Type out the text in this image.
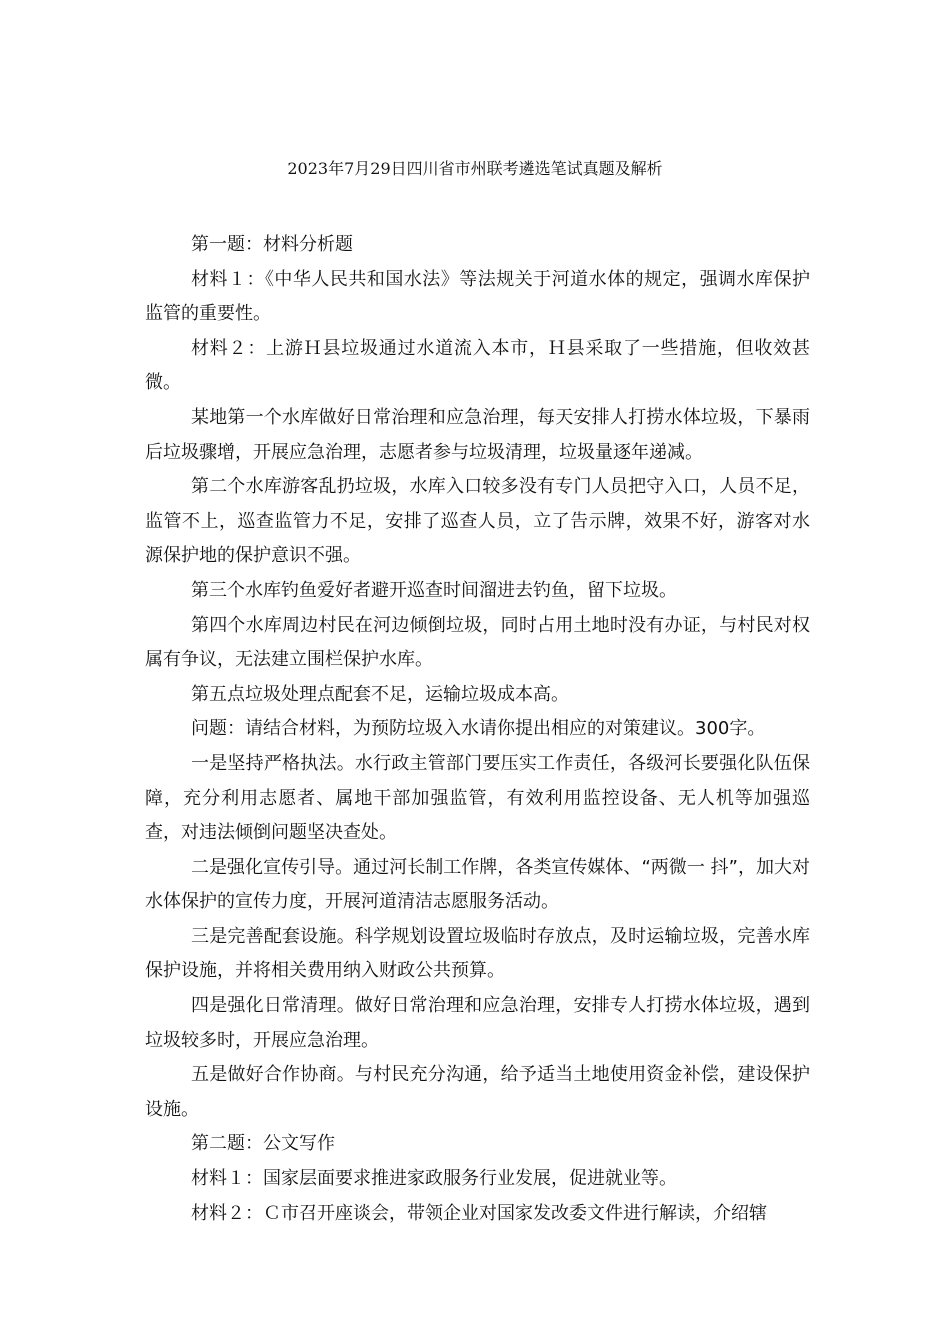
2023年7月29日四川省市州联考遴选笔试真题及解析

第一题：材料分析题

材料１：《中华人民共和国水法》等法规关于河道水体的规定，强调水库保护监管的重要性。

材料２：上游Ｈ县垃圾通过水道流入本市，Ｈ县采取了一些措施，但收效甚微。

某地第一个水库做好日常治理和应急治理，每天安排人打捞水体垃圾，下暴雨后垃圾骤增，开展应急治理，志愿者参与垃圾清理，垃圾量逐年递减。

第二个水库游客乱扔垃圾，水库入口较多没有专门人员把守入口，人员不足，监管不上，巡查监管力不足，安排了巡查人员，立了告示牌，效果不好，游客对水源保护地的保护意识不强。

第三个水库钓鱼爱好者避开巡查时间溜进去钓鱼，留下垃圾。

第四个水库周边村民在河边倾倒垃圾，同时占用土地时没有办证，与村民对权属有争议，无法建立围栏保护水库。

第五点垃圾处理点配套不足，运输垃圾成本高。

问题：请结合材料，为预防垃圾入水请你提出相应的对策建议。300字。

一是坚持严格执法。水行政主管部门要压实工作责任，各级河长要强化队伍保障，充分利用志愿者、属地干部加强监管，有效利用监控设备、无人机等加强巡查，对违法倾倒问题坚决查处。

二是强化宣传引导。通过河长制工作牌，各类宣传媒体、“两微一 抖”，加大对水体保护的宣传力度，开展河道清洁志愿服务活动。

三是完善配套设施。科学规划设置垃圾临时存放点，及时运输垃圾，完善水库保护设施，并将相关费用纳入财政公共预算。

四是强化日常清理。做好日常治理和应急治理，安排专人打捞水体垃圾，遇到垃圾较多时，开展应急治理。

五是做好合作协商。与村民充分沟通，给予适当土地使用资金补偿，建设保护设施。

第二题：公文写作

材料１：国家层面要求推进家政服务行业发展，促进就业等。

材料２：Ｃ市召开座谈会，带领企业对国家发改委文件进行解读，介绍辖
